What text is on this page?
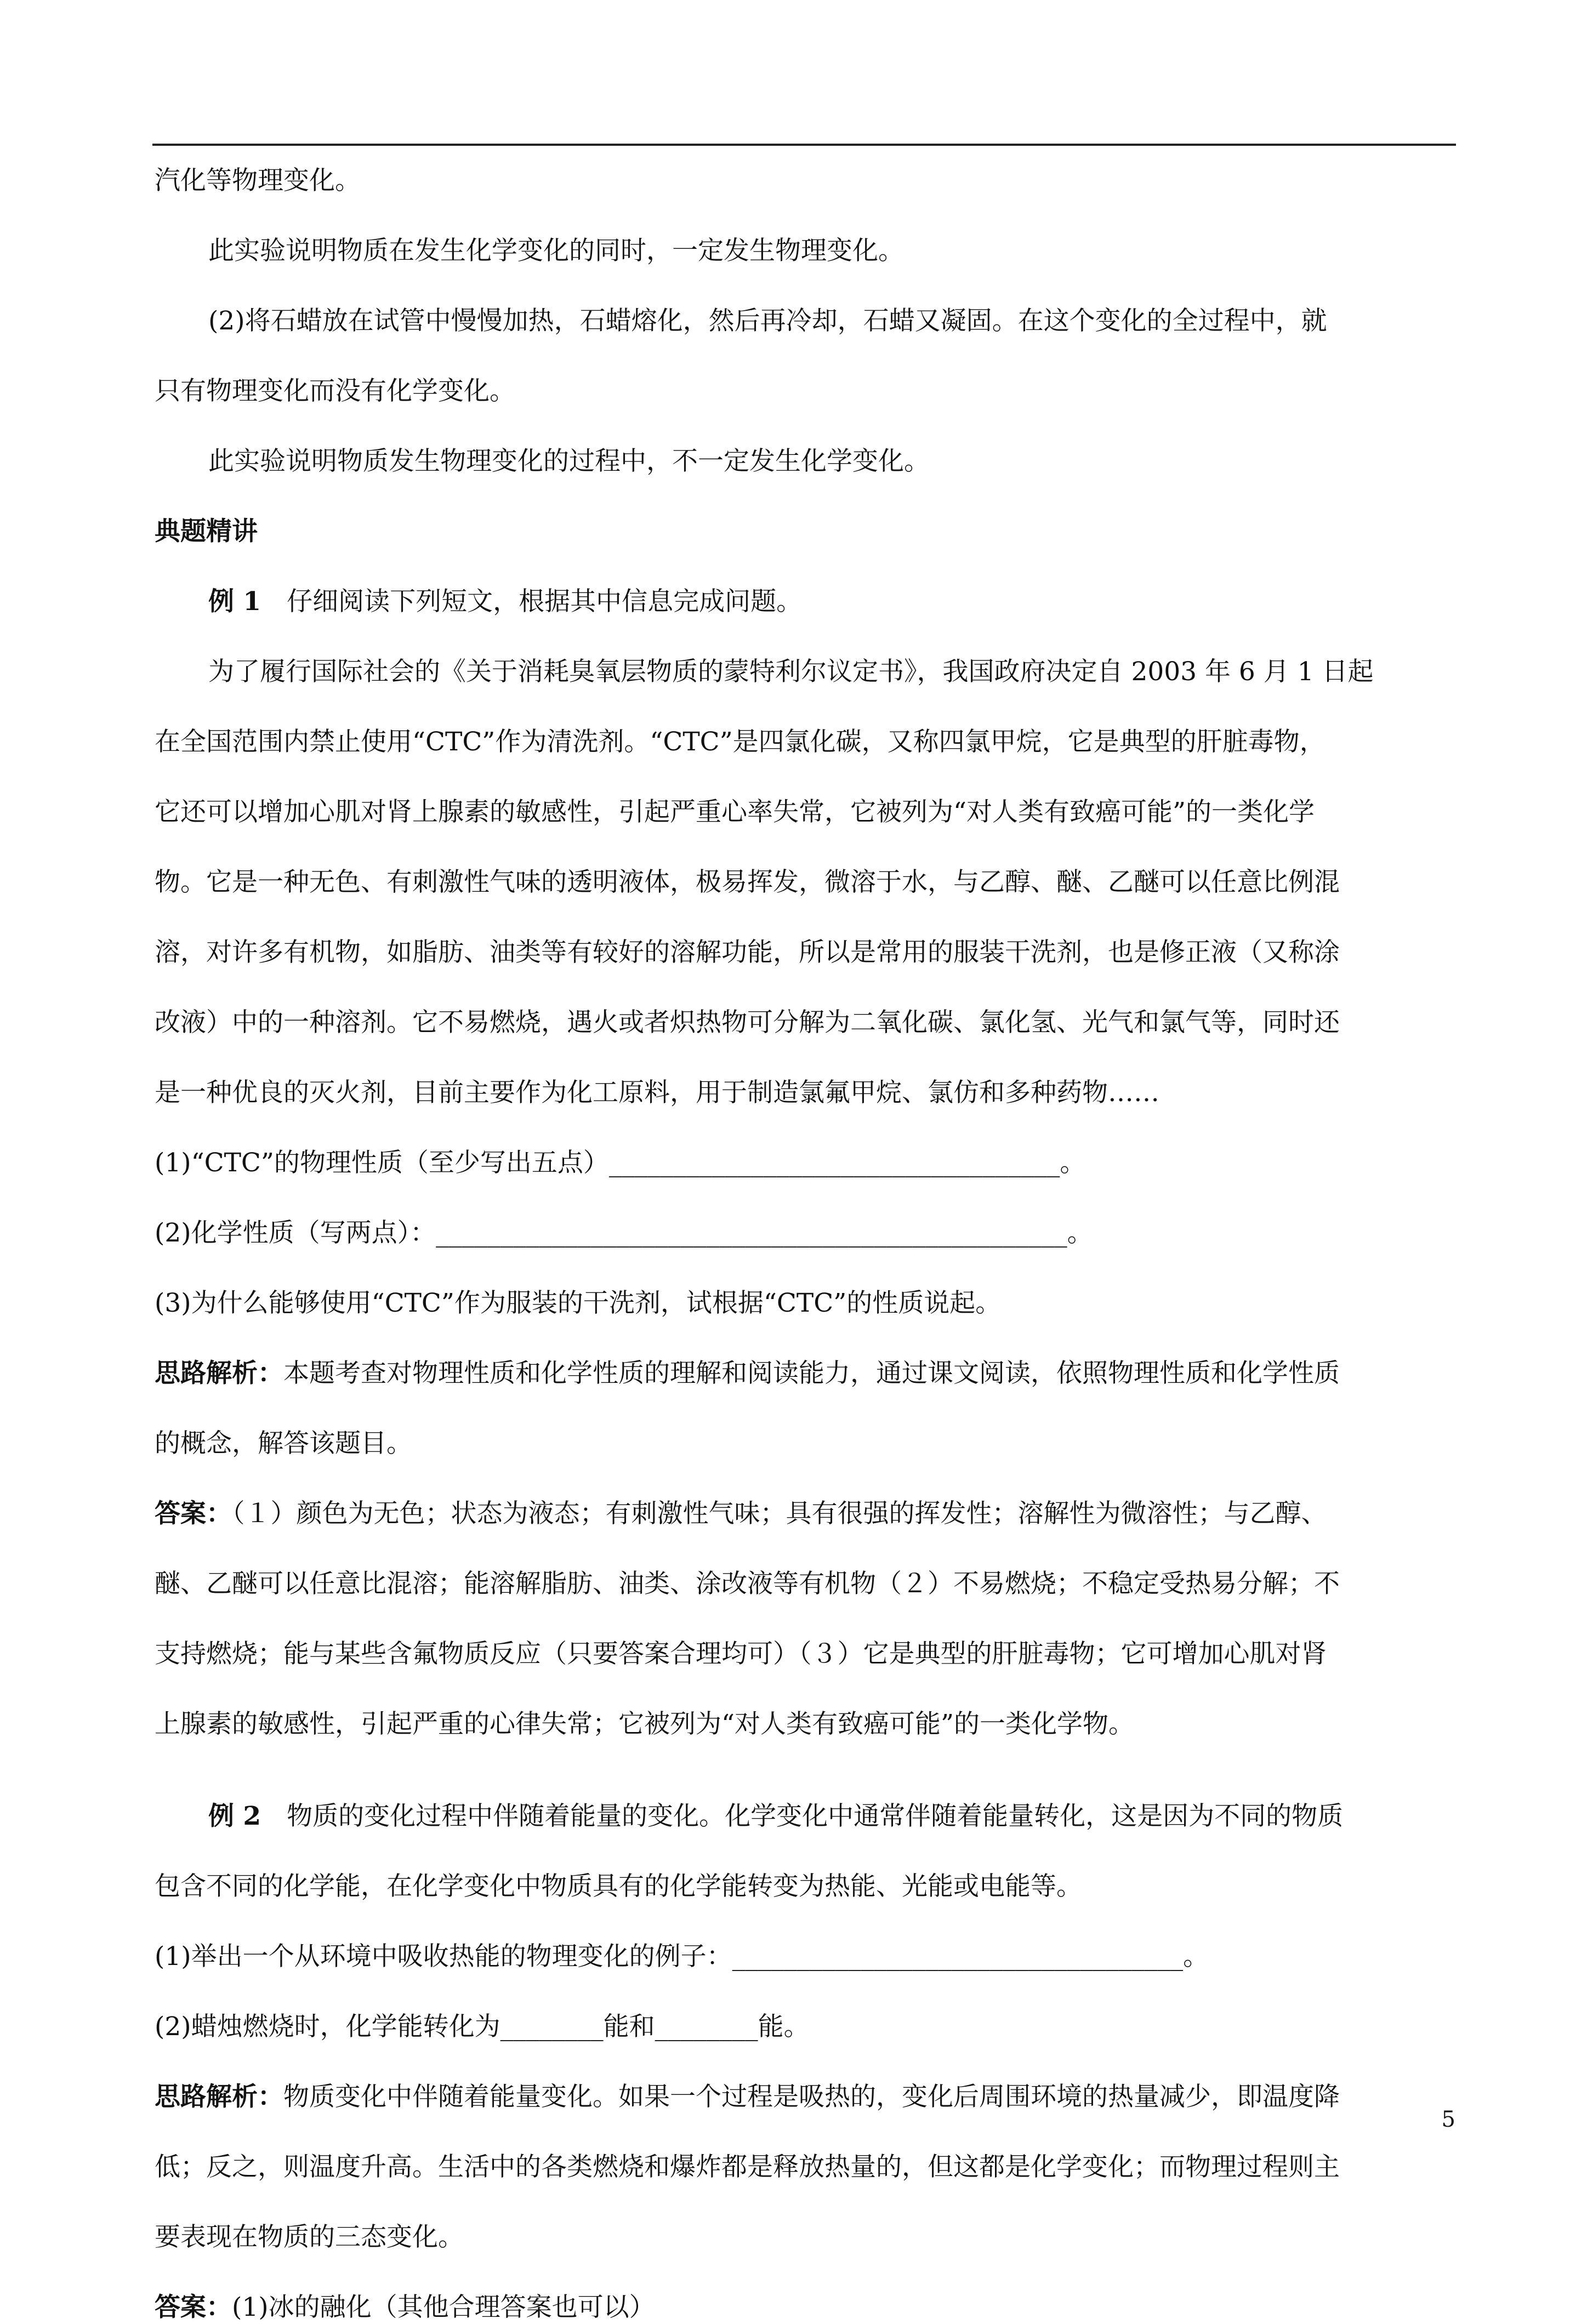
汽化等物理变化。

此实验说明物质在发生化学变化的同时，一定发生物理变化。

(2)将石蜡放在试管中慢慢加热，石蜡熔化，然后再冷却，石蜡又凝固。在这个变化的全过程中，就

只有物理变化而没有化学变化。

此实验说明物质发生物理变化的过程中，不一定发生化学变化。

典题精讲

例 1　仔细阅读下列短文，根据其中信息完成问题。

为了履行国际社会的《关于消耗臭氧层物质的蒙特利尔议定书》，我国政府决定自 2003 年 6 月 1 日起

在全国范围内禁止使用“CTC”作为清洗剂。“CTC”是四氯化碳，又称四氯甲烷，它是典型的肝脏毒物，

它还可以增加心肌对肾上腺素的敏感性，引起严重心率失常，它被列为“对人类有致癌可能”的一类化学

物。它是一种无色、有刺激性气味的透明液体，极易挥发，微溶于水，与乙醇、醚、乙醚可以任意比例混

溶，对许多有机物，如脂肪、油类等有较好的溶解功能，所以是常用的服装干洗剂，也是修正液（又称涂

改液）中的一种溶剂。它不易燃烧，遇火或者炽热物可分解为二氧化碳、氯化氢、光气和氯气等，同时还

是一种优良的灭火剂，目前主要作为化工原料，用于制造氯氟甲烷、氯仿和多种药物……

(1)“CTC”的物理性质（至少写出五点）___________________________________。

(2)化学性质（写两点）：_________________________________________________。

(3)为什么能够使用“CTC”作为服装的干洗剂，试根据“CTC”的性质说起。

思路解析：本题考查对物理性质和化学性质的理解和阅读能力，通过课文阅读，依照物理性质和化学性质

的概念，解答该题目。

答案：（１）颜色为无色；状态为液态；有刺激性气味；具有很强的挥发性；溶解性为微溶性；与乙醇、

醚、乙醚可以任意比混溶；能溶解脂肪、油类、涂改液等有机物（２）不易燃烧；不稳定受热易分解；不

支持燃烧；能与某些含氟物质反应（只要答案合理均可）（３）它是典型的肝脏毒物；它可增加心肌对肾

上腺素的敏感性，引起严重的心律失常；它被列为“对人类有致癌可能”的一类化学物。

例 2　物质的变化过程中伴随着能量的变化。化学变化中通常伴随着能量转化，这是因为不同的物质

包含不同的化学能，在化学变化中物质具有的化学能转变为热能、光能或电能等。

(1)举出一个从环境中吸收热能的物理变化的例子：___________________________________。

(2)蜡烛燃烧时，化学能转化为________能和________能。

思路解析：物质变化中伴随着能量变化。如果一个过程是吸热的，变化后周围环境的热量减少，即温度降

低；反之，则温度升高。生活中的各类燃烧和爆炸都是释放热量的，但这都是化学变化；而物理过程则主

要表现在物质的三态变化。

答案：(1)冰的融化（其他合理答案也可以）

5
